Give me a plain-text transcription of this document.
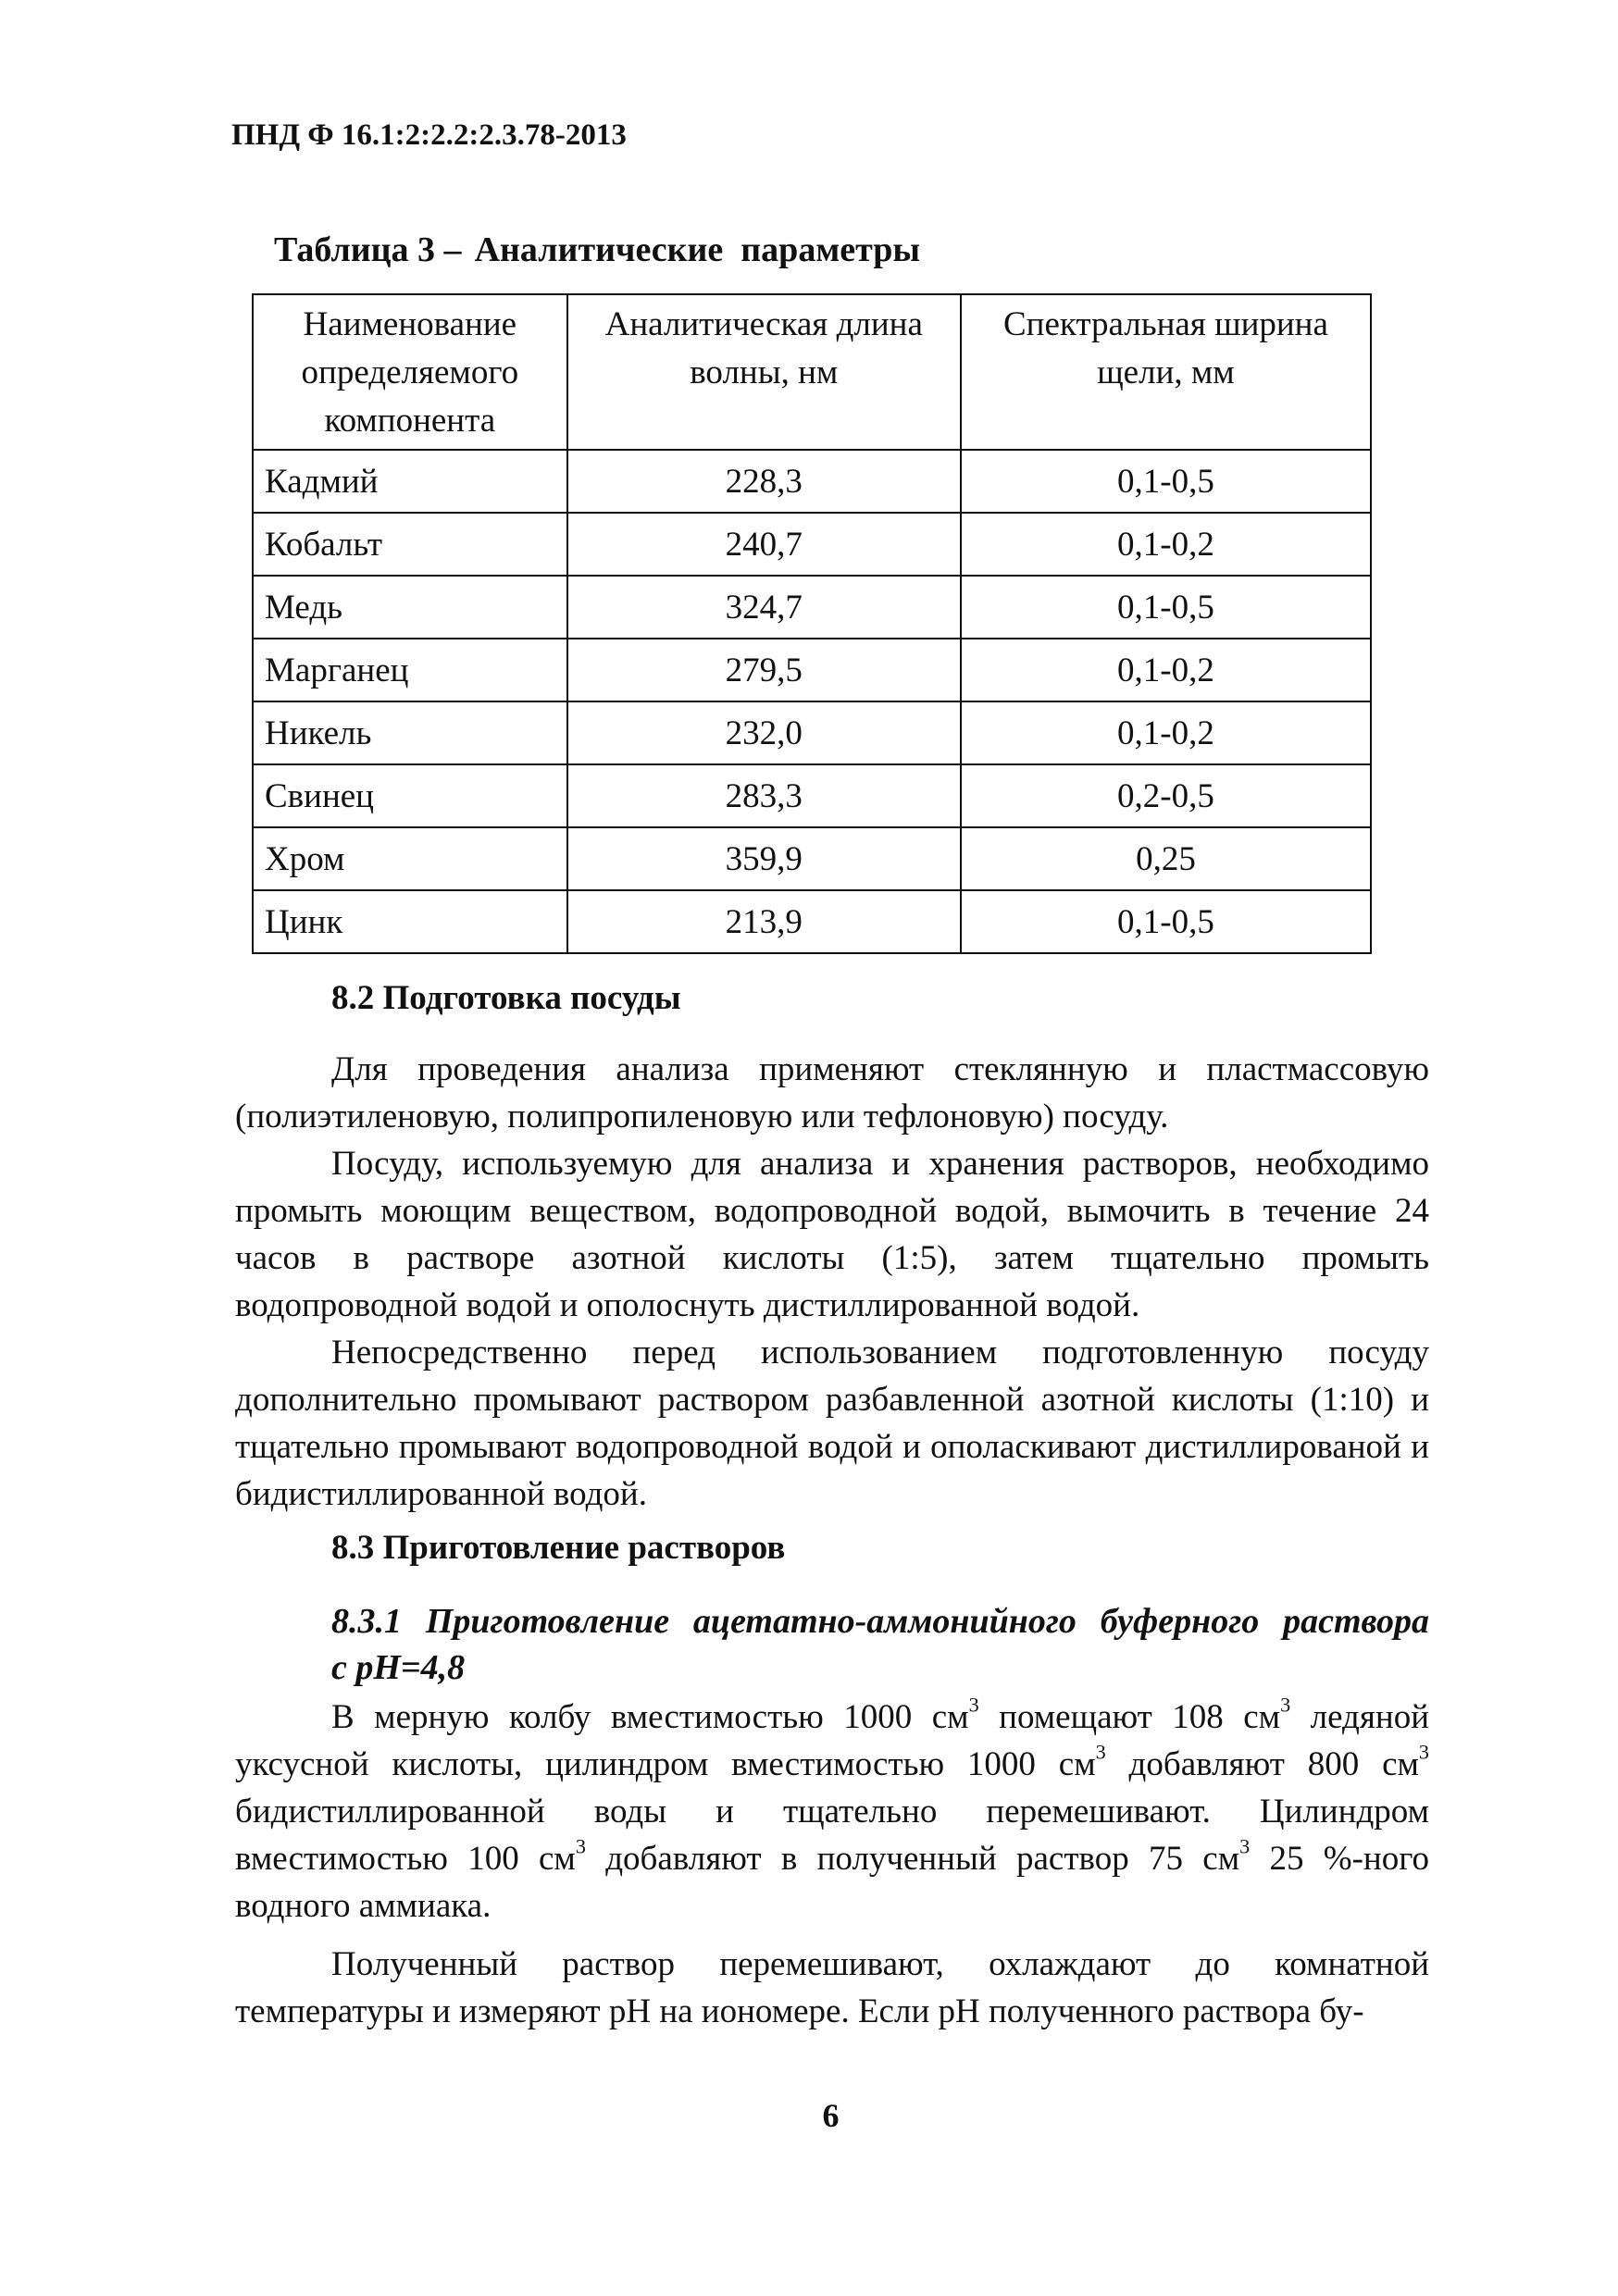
ПНД Ф 16.1:2:2.2:2.3.78-2013
Таблица 3 – Аналитические  параметры
Наименование определяемого компонента	Аналитическая длина волны, нм	Спектральная ширина щели, мм
Кадмий	228,3	0,1-0,5
Кобальт	240,7	0,1-0,2
Медь	324,7	0,1-0,5
Марганец	279,5	0,1-0,2
Никель	232,0	0,1-0,2
Свинец	283,3	0,2-0,5
Хром	359,9	0,25
Цинк	213,9	0,1-0,5
8.2 Подготовка посуды

Для проведения анализа применяют стеклянную и пластмассовую (полиэтиленовую, полипропиленовую или тефлоновую) посуду.

Посуду, используемую для анализа и хранения растворов, необходимо промыть моющим веществом, водопроводной водой, вымочить в течение 24 часов в растворе азотной кислоты (1:5), затем тщательно промыть водопроводной водой и ополоснуть дистиллированной водой.

Непосредственно перед использованием подготовленную посуду дополнительно промывают раствором разбавленной азотной кислоты (1:10) и тщательно промывают водопроводной водой и ополаскивают дистиллированой и бидистиллированной водой.

8.3 Приготовление растворов
8.3.1 Приготовление ацетатно-аммонийного буферного раствора
с рН=4,8

В мерную колбу вместимостью 1000 $см^3$ помещают 108 $см^3$ ледяной уксусной кислоты, цилиндром вместимостью 1000 $см^3$ добавляют 800 $см^3$ бидистиллированной воды и тщательно перемешивают. Цилиндром вместимостью 100 $см^3$ добавляют в полученный раствор 75 $см^3$ 25 %-ного водного аммиака.

Полученный раствор перемешивают, охлаждают до комнатной температуры и измеряют рН на иономере. Если рН полученного раствора бу-

6
